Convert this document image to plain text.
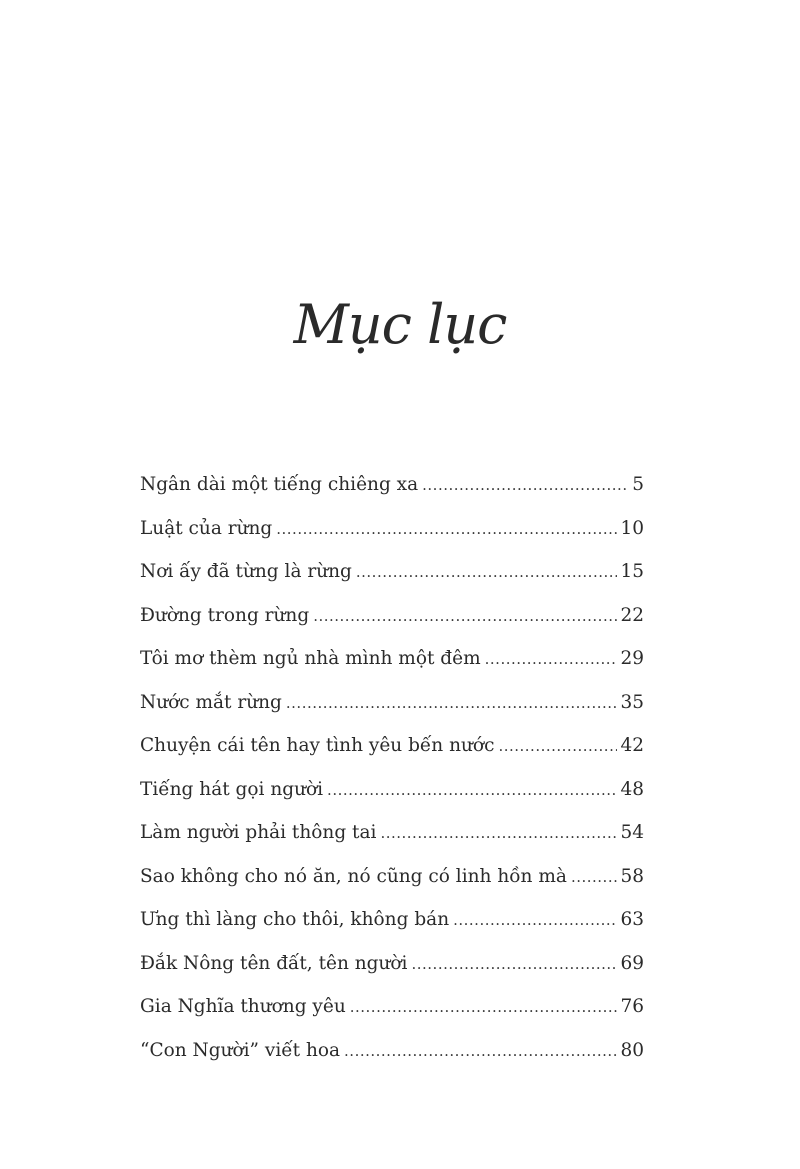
Mục lục
Ngân dài một tiếng chiêng xa .....	5
Luật của rừng .....	10
Nơi ấy đã từng là rừng .....	15
Đường trong rừng .....	22
Tôi mơ thèm ngủ nhà mình một đêm .....	29
Nước mắt rừng .....	35
Chuyện cái tên hay tình yêu bến nước .....	42
Tiếng hát gọi người .....	48
Làm người phải thông tai .....	54
Sao không cho nó ăn, nó cũng có linh hồn mà .....	58
Ưng thì làng cho thôi, không bán .....	63
Đắk Nông tên đất, tên người .....	69
Gia Nghĩa thương yêu .....	76
“Con Người” viết hoa .....	80
